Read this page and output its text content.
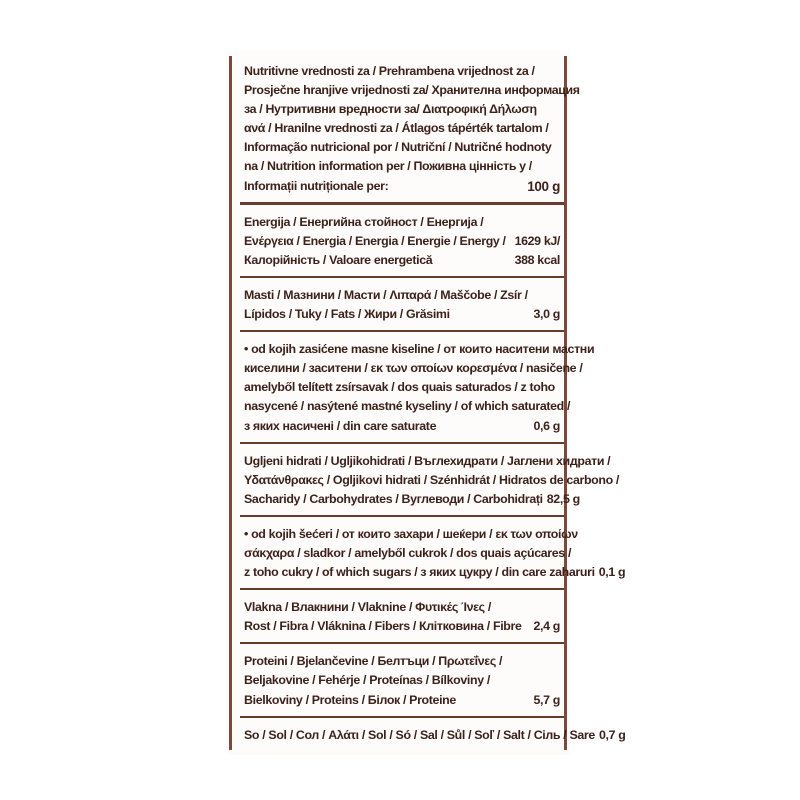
Nutritivne vrednosti za / Prehrambena vrijednost za /
Prosječne hranjive vrijednosti za/ Хранителна информация
за / Нутритивни вредности за/ Διατροφική Δήλωση
ανά / Hranilne vrednosti za / Átlagos tápérték tartalom /
Informação nutricional por / Nutriční / Nutričné hodnoty
na / Nutrition information per / Поживна цінність у /
Informații nutriționale per:	100 g
Energija / Енергийна стойност / Енергија /
Ενέργεια / Energia / Energia / Energie / Energy / 1629 kJ/
Калорійність / Valoare energetică	388 kcal
Masti / Мазнини / Масти / Λιπαρά / Maščobe / Zsír /
Lípidos / Tuky / Fats / Жири / Grăsimi	3,0 g
• od kojih zasićene masne kiseline / от които наситени мастни
киселини / заситени / εκ των οποίων κορεσμένα / nasičene /
amelyből telített zsírsavak / dos quais saturados / z toho
nasycené / nasýtené mastné kyseliny / of which saturated /
з яких насичені / din care saturate	0,6 g
Ugljeni hidrati / Ugljikohidrati / Въглехидрати / Јаглени хидрати /
Υδατάνθρακες / Ogljikovi hidrati / Szénhidrát / Hidratos de carbono /
Sacharidy / Carbohydrates / Вуглеводи / Carbohidrați 82,5 g
• od kojih šećeri / от които захари / шеќери / εκ των οποίων
σάκχαρα / sladkor / amelyből cukrok / dos quais açúcares /
z toho cukry / of which sugars / з яких цукру / din care zaharuri 0,1 g
Vlakna / Влакнини / Vlaknine / Φυτικές Ίνες /
Rost / Fibra / Vláknina / Fibers / Клітковина / Fibre 2,4 g
Proteini / Bjelančevine / Белтъци / Πρωτεΐνες /
Beljakovine / Fehérje / Proteínas / Bílkoviny /
Bielkoviny / Proteins / Білок / Proteine	5,7 g
So / Sol / Сол / Αλάτι / Sol / Só / Sal / Sůl / Soľ / Salt / Сіль / Sare 0,7 g
